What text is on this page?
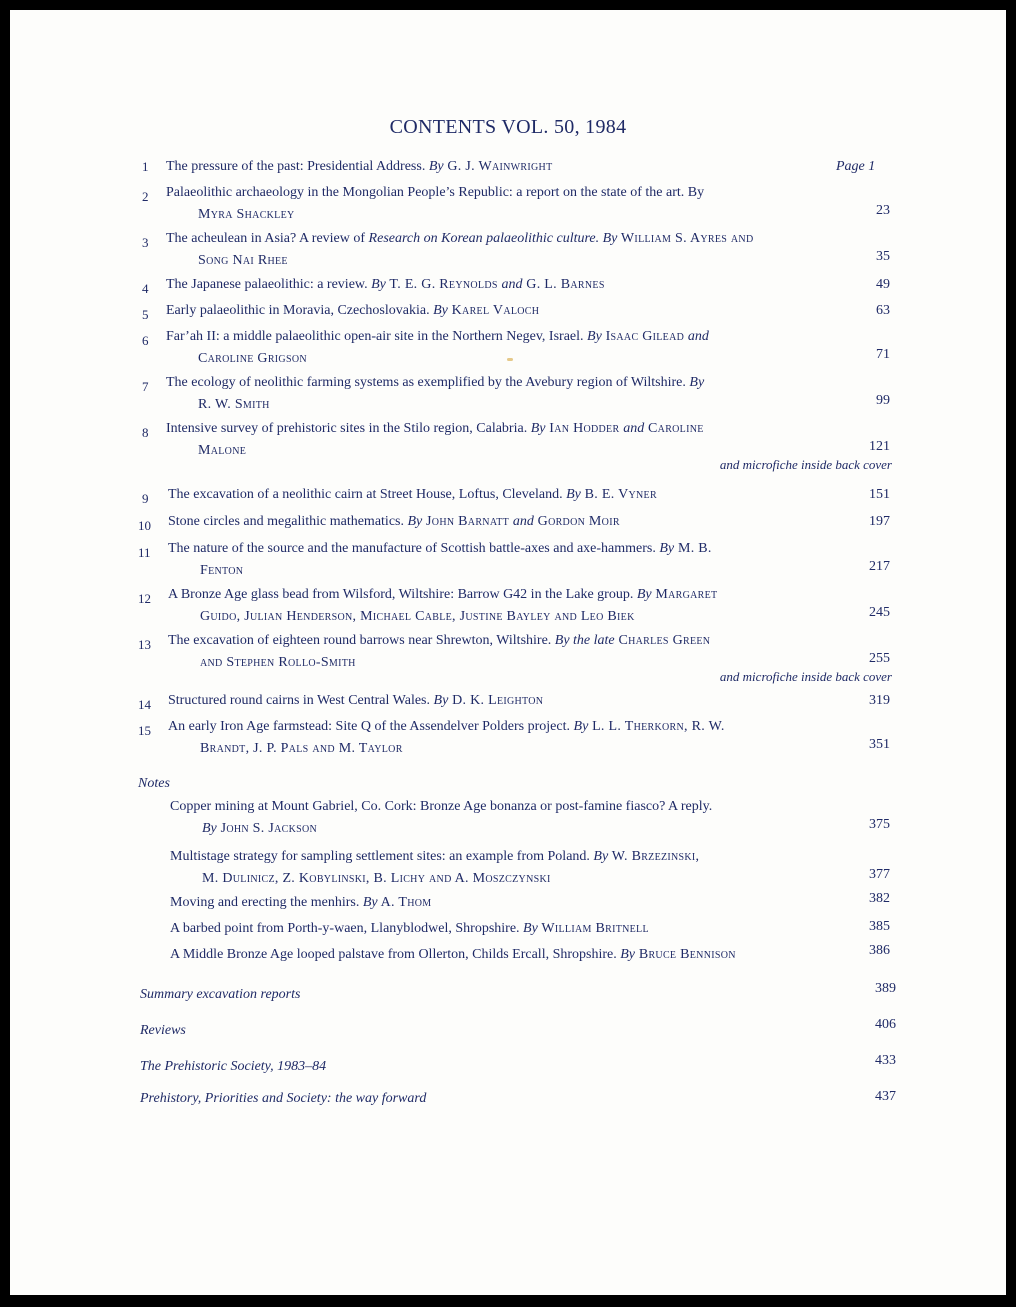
CONTENTS VOL. 50, 1984
1	The pressure of the past: Presidential Address. By G. J. Wainwright	Page 1
2	Palaeolithic archaeology in the Mongolian People’s Republic: a report on the state of the art. By
Myra Shackley	23
3	The acheulean in Asia? A review of Research on Korean palaeolithic culture. By William S. Ayres and
Song Nai Rhee	35
4	The Japanese palaeolithic: a review. By T. E. G. Reynolds and G. L. Barnes	49
5	Early palaeolithic in Moravia, Czechoslovakia. By Karel Valoch	63
6	Far’ah II: a middle palaeolithic open-air site in the Northern Negev, Israel. By Isaac Gilead and
Caroline Grigson	71
7	The ecology of neolithic farming systems as exemplified by the Avebury region of Wiltshire. By
R. W. Smith	99
8	Intensive survey of prehistoric sites in the Stilo region, Calabria. By Ian Hodder and Caroline
Malone	121
and microfiche inside back cover
9	The excavation of a neolithic cairn at Street House, Loftus, Cleveland. By B. E. Vyner	151
10	Stone circles and megalithic mathematics. By John Barnatt and Gordon Moir	197
11	The nature of the source and the manufacture of Scottish battle-axes and axe-hammers. By M. B.
Fenton	217
12	A Bronze Age glass bead from Wilsford, Wiltshire: Barrow G42 in the Lake group. By Margaret
Guido, Julian Henderson, Michael Cable, Justine Bayley and Leo Biek	245
13	The excavation of eighteen round barrows near Shrewton, Wiltshire. By the late Charles Green
and Stephen Rollo-Smith	255
and microfiche inside back cover
14	Structured round cairns in West Central Wales. By D. K. Leighton	319
15	An early Iron Age farmstead: Site Q of the Assendelver Polders project. By L. L. Therkorn, R. W.
Brandt, J. P. Pals and M. Taylor	351
Notes
Copper mining at Mount Gabriel, Co. Cork: Bronze Age bonanza or post-famine fiasco? A reply.
By John S. Jackson	375
Multistage strategy for sampling settlement sites: an example from Poland. By W. Brzezinski,
M. Dulinicz, Z. Kobylinski, B. Lichy and A. Moszczynski	377
Moving and erecting the menhirs. By A. Thom	382
A barbed point from Porth-y-waen, Llanyblodwel, Shropshire. By William Britnell	385
A Middle Bronze Age looped palstave from Ollerton, Childs Ercall, Shropshire. By Bruce Bennison	386
Summary excavation reports	389
Reviews	406
The Prehistoric Society, 1983–84	433
Prehistory, Priorities and Society: the way forward	437
